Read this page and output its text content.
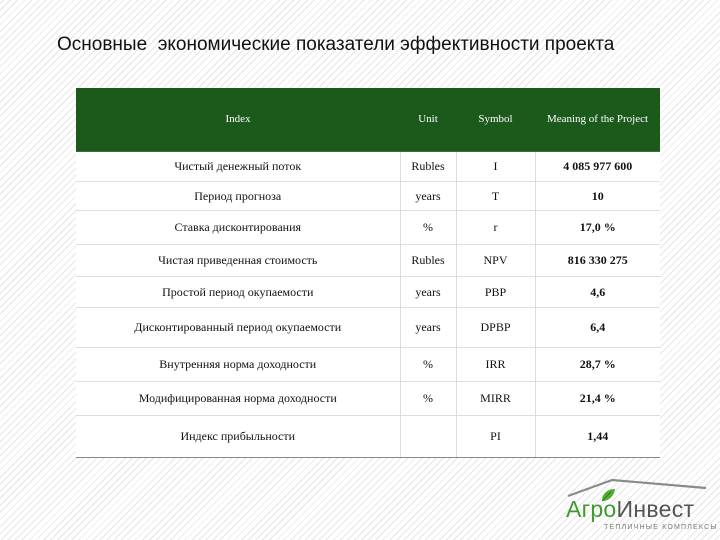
Основные  экономические показатели эффективности проекта
Index	Unit	Symbol	Meaning of the Project
Чистый денежный поток	Rubles	I	4 085 977 600
Период прогноза	years	T	10
Ставка дисконтирования	%	r	17,0 %
Чистая приведенная стоимость	Rubles	NPV	816 330 275
Простой период окупаемости	years	PBP	4,6
Дисконтированный период окупаемости	years	DPBP	6,4
Внутренняя норма доходности	%	IRR	28,7 %
Модифицированная норма доходности	%	MIRR	21,4 %
Индекс прибыльности		PI	1,44
АгроИнвест
ТЕПЛИЧНЫЕ КОМПЛЕКСЫ
